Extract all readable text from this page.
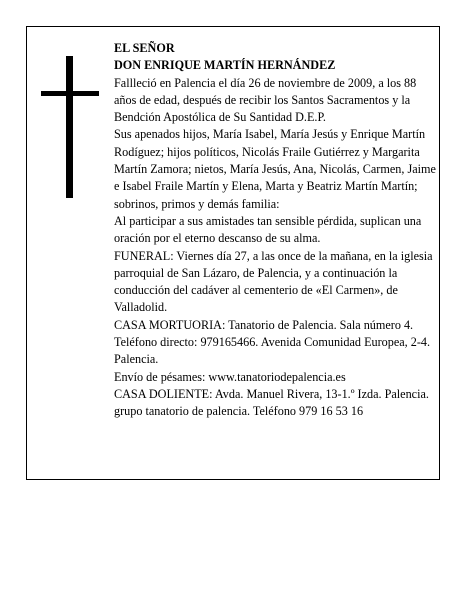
EL SEÑOR

DON ENRIQUE MARTÍN HERNÁNDEZ

Fallleció en Palencia el día 26 de noviembre de 2009, a los 88 años de edad, después de recibir los Santos Sacramentos y la Bendción Apostólica de Su Santidad D.E.P.

Sus apenados hijos, María Isabel, María Jesús y Enrique Martín Rodíguez; hijos políticos, Nicolás Fraile Gutiérrez y Margarita Martín Zamora; nietos, María Jesús, Ana, Nicolás, Carmen, Jaime e Isabel Fraile Martín y Elena, Marta y Beatriz Martín Martín; sobrinos, primos y demás familia:

Al participar a sus amistades tan sensible pérdida, suplican una oración por el eterno descanso de su alma.

FUNERAL: Viernes día 27, a las once de la mañana, en la iglesia parroquial de San Lázaro, de Palencia, y a continuación la conducción del cadáver al cementerio de «El Carmen», de Valladolid.

CASA MORTUORIA: Tanatorio de Palencia. Sala número 4. Teléfono directo: 979165466. Avenida Comunidad Europea, 2-4. Palencia.

Envío de pésames: www.tanatoriodepalencia.es

CASA DOLIENTE: Avda. Manuel Rivera, 13-1.º Izda. Palencia.

grupo tanatorio de palencia. Teléfono 979 16 53 16
